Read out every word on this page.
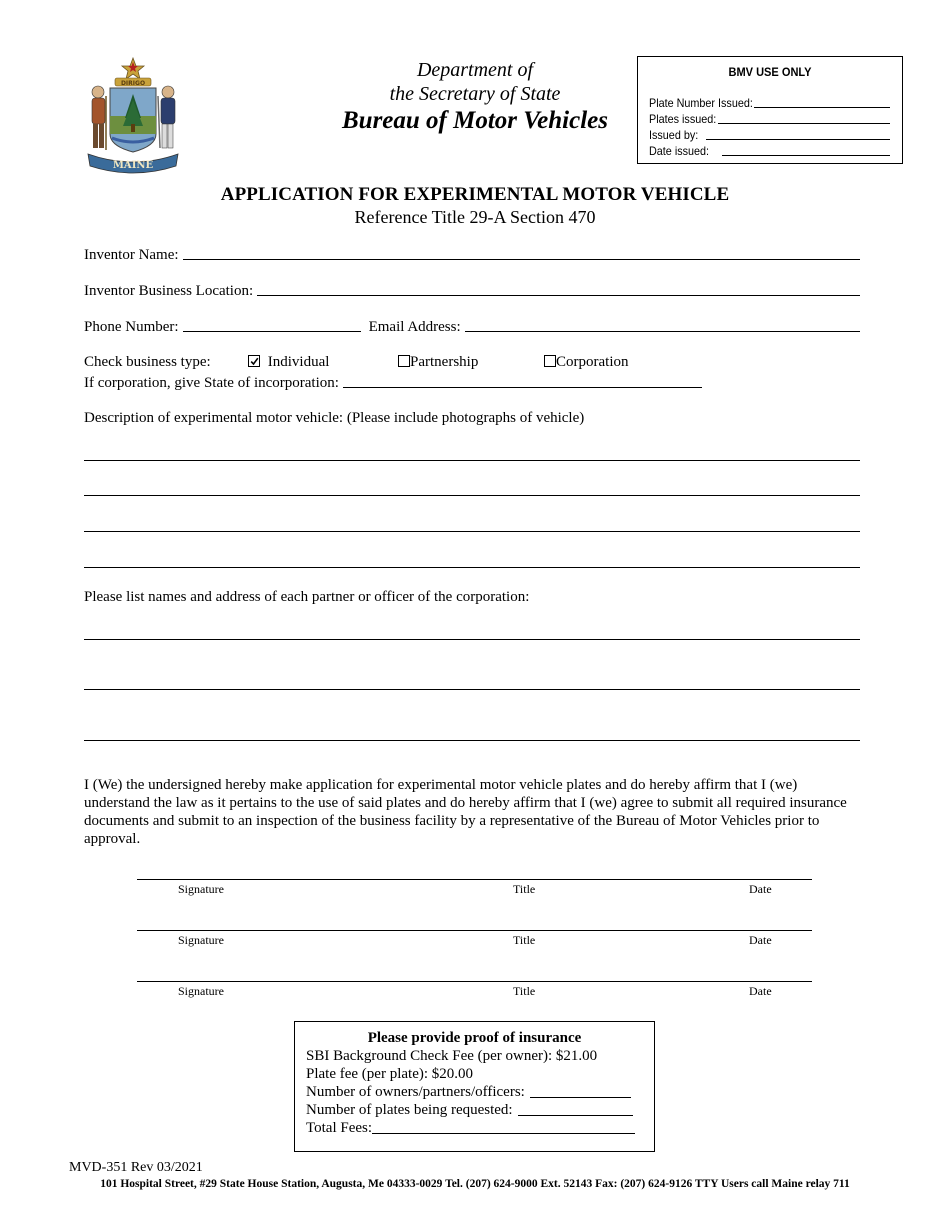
DIRIGO
MAINE
Department of
the Secretary of State
Bureau of Motor Vehicles
BMV USE ONLY
Plate Number Issued:
Plates issued:
Issued by:
Date issued:
APPLICATION FOR EXPERIMENTAL MOTOR VEHICLE
Reference Title 29-A Section 470
Inventor Name:
Inventor Business Location:
Phone Number:	Email Address:
Check business type:	Individual	Partnership	Corporation
If corporation, give State of incorporation:
Description of experimental motor vehicle: (Please include photographs of vehicle)
Please list names and address of each partner or officer of the corporation:
I (We) the undersigned hereby make application for experimental motor vehicle plates and do hereby affirm that I (we) understand the law as it pertains to the use of said plates and do hereby affirm that I (we) agree to submit all required insurance documents and submit to an inspection of the business facility by a representative of the Bureau of Motor Vehicles prior to approval.
Signature	Title	Date
Signature	Title	Date
Signature	Title	Date
Please provide proof of insurance
SBI Background Check Fee (per owner): $21.00
Plate fee (per plate): $20.00
Number of owners/partners/officers:
Number of plates being requested:
Total Fees:
MVD-351 Rev 03/2021
101 Hospital Street, #29 State House Station, Augusta, Me 04333-0029 Tel. (207) 624-9000 Ext. 52143 Fax: (207) 624-9126 TTY Users call Maine relay 711
